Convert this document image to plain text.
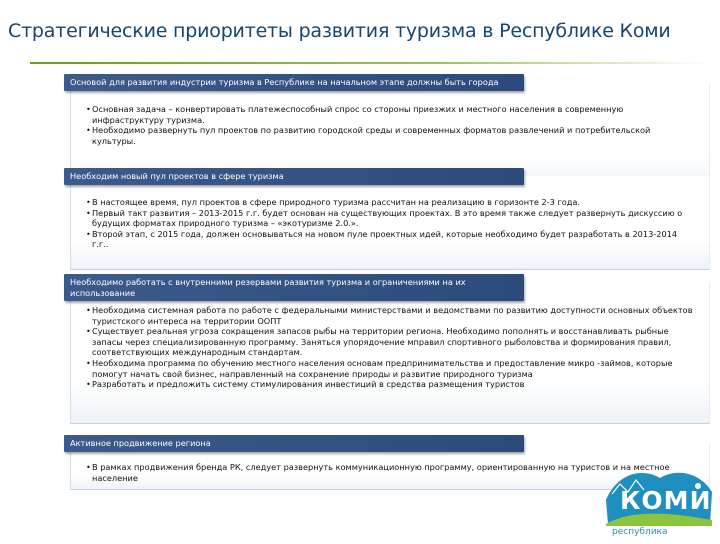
Стратегические приоритеты развития туризма в Республике Коми
Основой для развития индустрии туризма в Республике на начальном этапе должны быть города
• Основная задача – конвертировать платежеспособный спрос со стороны приезжих и местного населения в современную инфраструктуру туризма.
• Необходимо развернуть пул проектов по развитию городской среды и современных форматов развлечений и потребительской культуры.
Необходим новый пул проектов в сфере туризма
• В настоящее время, пул проектов в сфере природного туризма рассчитан на реализацию в горизонте 2-3 года.
• Первый такт развития – 2013-2015 г.г. будет основан на существующих проектах. В это время также следует развернуть дискуссию о будущих форматах природного туризма – «экотуризме 2.0.».
• Второй этап, с 2015 года, должен основываться на новом пуле проектных идей, которые необходимо будет разработать в 2013-2014 г.г..
Необходимо работать с внутренними резервами развития туризма и ограничениями на их использование
• Необходима системная работа по работе с федеральными министерствами и ведомствами по развитию доступности основных объектов туристского интереса на территории ООПТ
• Существует реальная угроза сокращения запасов рыбы на территории региона. Необходимо пополнять и восстанавливать рыбные запасы через специализированную программу. Заняться упорядочение мправил спортивного рыболовства и формирования правил, соответствующих международным стандартам.
• Необходима программа по обучению местного населения основам предпринимательства и предоставление микро -займов, которые помогут начать свой бизнес, направленный на сохранение природы и развитие природного туризма
• Разработать и предложить систему стимулирования инвестиций в средства размещения туристов
Активное продвижение региона
• В рамках продвижения бренда РК, следует развернуть коммуникационную программу, ориентированную на туристов и на местное население
КОМИ
республика
